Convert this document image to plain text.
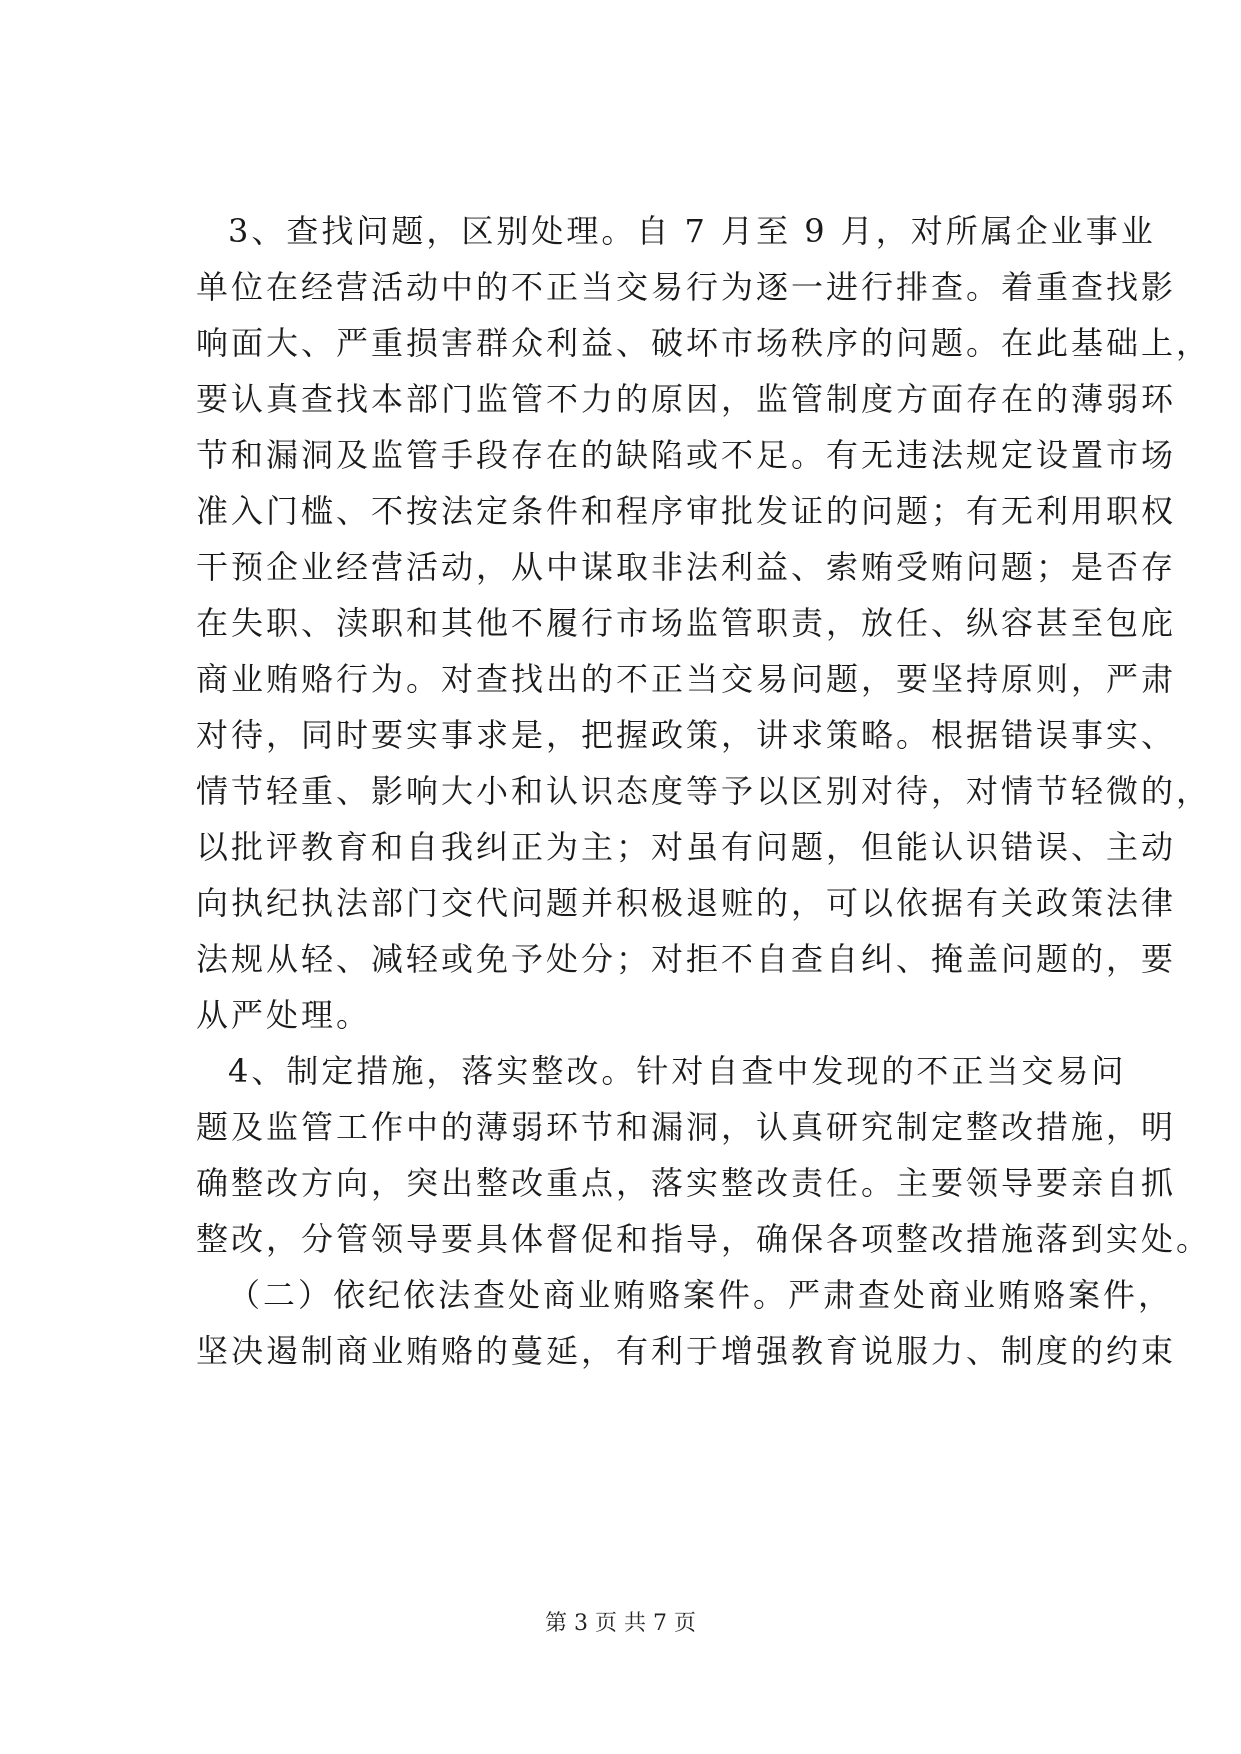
3、查找问题，区别处理。自 7 月至 9 月，对所属企业事业
单位在经营活动中的不正当交易行为逐一进行排查。着重查找影
响面大、严重损害群众利益、破坏市场秩序的问题。在此基础上，
要认真查找本部门监管不力的原因，监管制度方面存在的薄弱环
节和漏洞及监管手段存在的缺陷或不足。有无违法规定设置市场
准入门槛、不按法定条件和程序审批发证的问题；有无利用职权
干预企业经营活动，从中谋取非法利益、索贿受贿问题；是否存
在失职、渎职和其他不履行市场监管职责，放任、纵容甚至包庇
商业贿赂行为。对查找出的不正当交易问题，要坚持原则，严肃
对待，同时要实事求是，把握政策，讲求策略。根据错误事实、
情节轻重、影响大小和认识态度等予以区别对待，对情节轻微的，
以批评教育和自我纠正为主；对虽有问题，但能认识错误、主动
向执纪执法部门交代问题并积极退赃的，可以依据有关政策法律
法规从轻、减轻或免予处分；对拒不自查自纠、掩盖问题的，要
从严处理。
4、制定措施，落实整改。针对自查中发现的不正当交易问
题及监管工作中的薄弱环节和漏洞，认真研究制定整改措施，明
确整改方向，突出整改重点，落实整改责任。主要领导要亲自抓
整改，分管领导要具体督促和指导，确保各项整改措施落到实处。
（二）依纪依法查处商业贿赂案件。严肃查处商业贿赂案件，
坚决遏制商业贿赂的蔓延，有利于增强教育说服力、制度的约束
第 3 页 共 7 页
